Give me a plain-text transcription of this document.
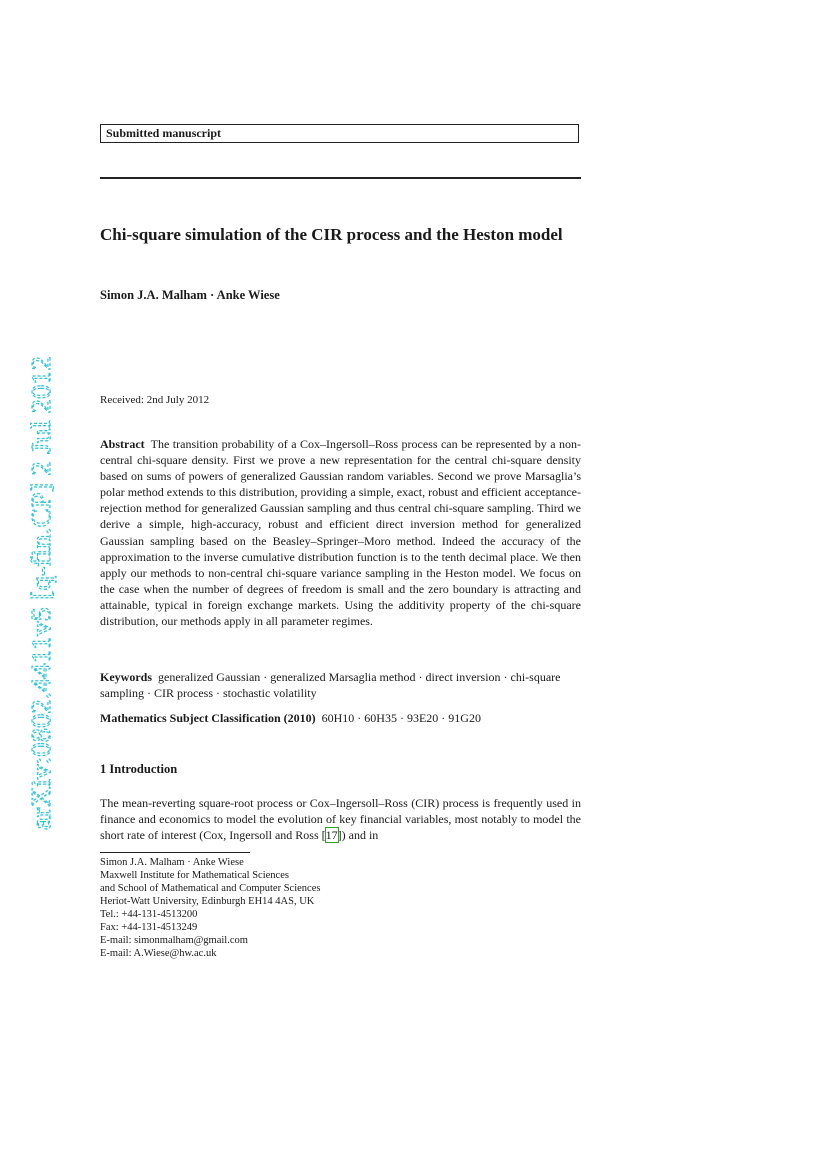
arXiv:0802.4411v5 [q-fin.CP] 2 Jul 2012
Submitted manuscript
Chi-square simulation of the CIR process and the Heston model
Simon J.A. Malham · Anke Wiese
Received: 2nd July 2012

Abstract  The transition probability of a Cox–Ingersoll–Ross process can be represented by a non-central chi-square density. First we prove a new representation for the central chi-square density based on sums of powers of generalized Gaussian random variables. Second we prove Marsaglia’s polar method extends to this distribution, providing a simple, exact, robust and efficient acceptance-rejection method for generalized Gaussian sampling and thus central chi-square sampling. Third we derive a simple, high-accuracy, robust and efficient direct inversion method for generalized Gaussian sampling based on the Beasley–Springer–Moro method. Indeed the accuracy of the approximation to the inverse cumulative distribution function is to the tenth decimal place. We then apply our methods to non-central chi-square variance sampling in the Heston model. We focus on the case when the number of degrees of freedom is small and the zero boundary is attracting and attainable, typical in foreign exchange markets. Using the additivity property of the chi-square distribution, our methods apply in all parameter regimes.

Keywords  generalized Gaussian · generalized Marsaglia method · direct inversion · chi-square sampling · CIR process · stochastic volatility

Mathematics Subject Classification (2010)  60H10 · 60H35 · 93E20 · 91G20
1 Introduction

The mean-reverting square-root process or Cox–Ingersoll–Ross (CIR) process is frequently used in finance and economics to model the evolution of key financial variables, most notably to model the short rate of interest (Cox, Ingersoll and Ross [17]) and in

Simon J.A. Malham · Anke Wiese
Maxwell Institute for Mathematical Sciences
and School of Mathematical and Computer Sciences
Heriot-Watt University, Edinburgh EH14 4AS, UK
Tel.: +44-131-4513200
Fax: +44-131-4513249
E-mail: simonmalham@gmail.com
E-mail: A.Wiese@hw.ac.uk
